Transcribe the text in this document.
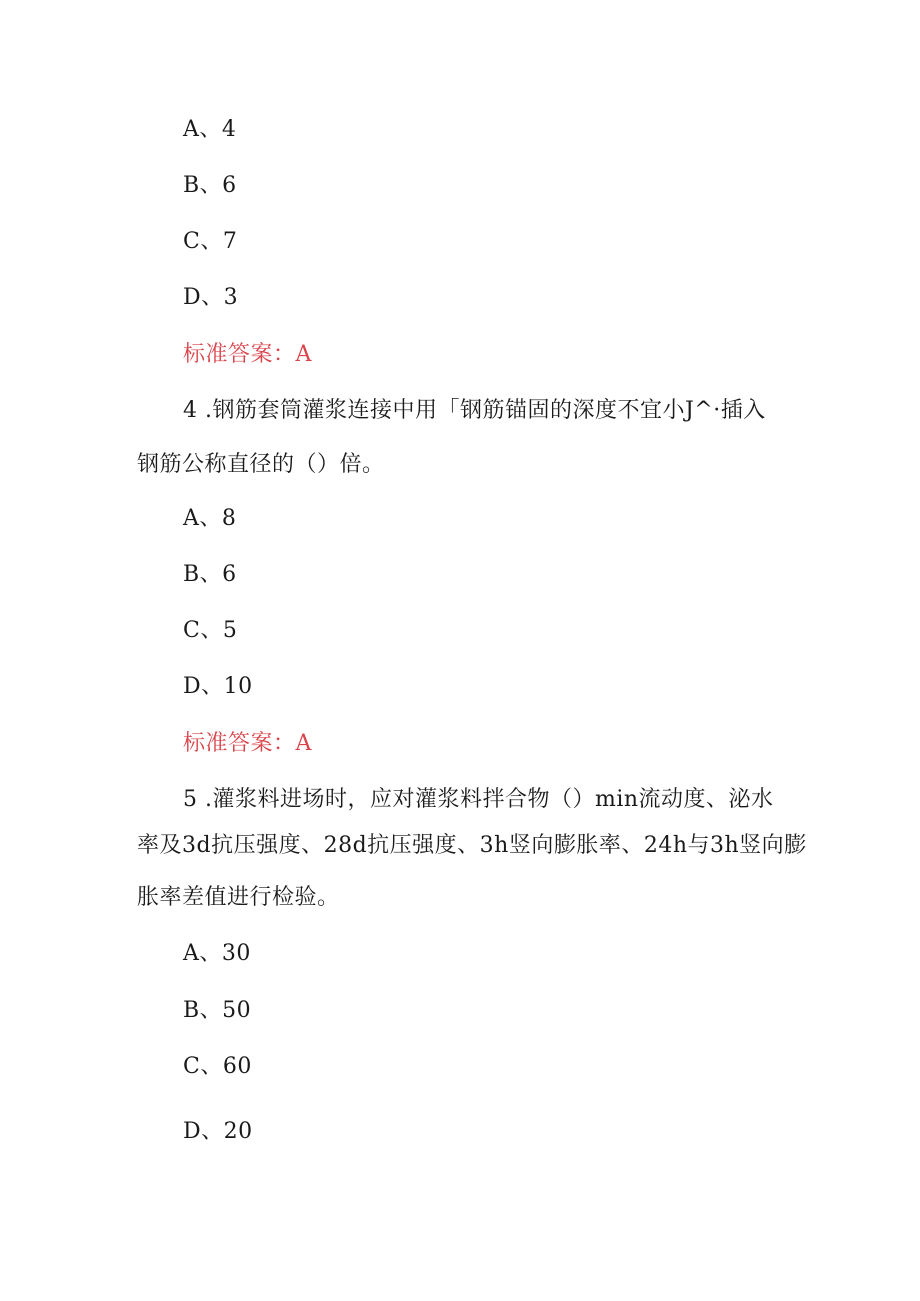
A、4
B、6
C、7
D、3
标准答案：A
4 .钢筋套筒灌浆连接中用「钢筋锚固的深度不宜小J^·插入
钢筋公称直径的（）倍。
A、8
B、6
C、5
D、10
标准答案：A
5 .灌浆料进场时，应对灌浆料拌合物（）min流动度、泌水
率及3d抗压强度、28d抗压强度、3h竖向膨胀率、24h与3h竖向膨
胀率差值进行检验。
A、30
B、50
C、60
D、20
